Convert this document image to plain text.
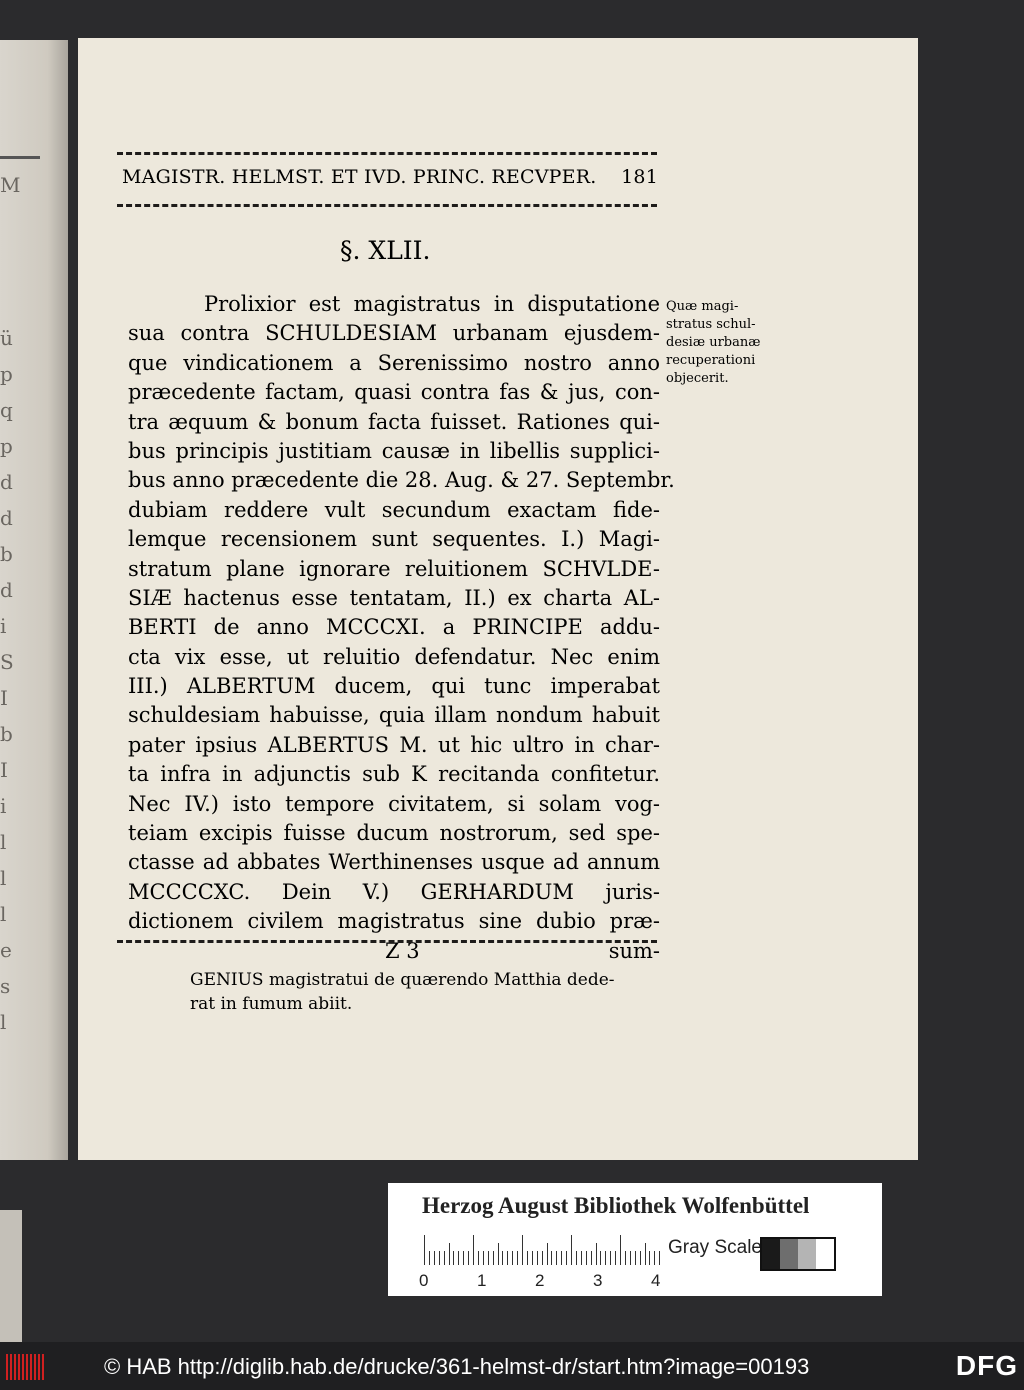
M
ü
p
q
p
d
d
b
d
i
S
I
b
I
i
l
l
l
e
s
l
MAGISTR. HELMST. ET IVD. PRINC. RECVPER. 181
§. XLII.
Prolixior est magistratus in disputatione
sua contra SCHULDESIAM urbanam ejusdem-
que vindicationem a Serenissimo nostro anno
præcedente factam, quasi contra fas & jus, con-
tra æquum & bonum facta fuisset. Rationes qui-
bus principis justitiam causæ in libellis supplici-
bus anno præcedente die 28. Aug. & 27. Septembr.
dubiam reddere vult secundum exactam fide-
lemque recensionem sunt sequentes. I.) Magi-
stratum plane ignorare reluitionem SCHVLDE-
SIÆ hactenus esse tentatam, II.) ex charta AL-
BERTI de anno MCCCXI. a PRINCIPE addu-
cta vix esse, ut reluitio defendatur. Nec enim
III.) ALBERTUM ducem, qui tunc imperabat
schuldesiam habuisse, quia illam nondum habuit
pater ipsius ALBERTUS M. ut hic ultro in char-
ta infra in adjunctis sub K recitanda confitetur.
Nec IV.) isto tempore civitatem, si solam vog-
teiam excipis fuisse ducum nostrorum, sed spe-
ctasse ad abbates Werthinenses usque ad annum
MCCCCXC. Dein V.) GERHARDUM juris-
dictionem civilem magistratus sine dubio præ-
Z 3	sum-
Quæ magi-
stratus schul-
desiæ urbanæ
recuperationi
objecerit.
GENIUS magistratui de quærendo Matthia dede-
rat in fumum abiit.
Herzog August Bibliothek Wolfenbüttel
0	1	2	3	4
Gray Scale
© HAB http://diglib.hab.de/drucke/361-helmst-dr/start.htm?image=00193	DFG
